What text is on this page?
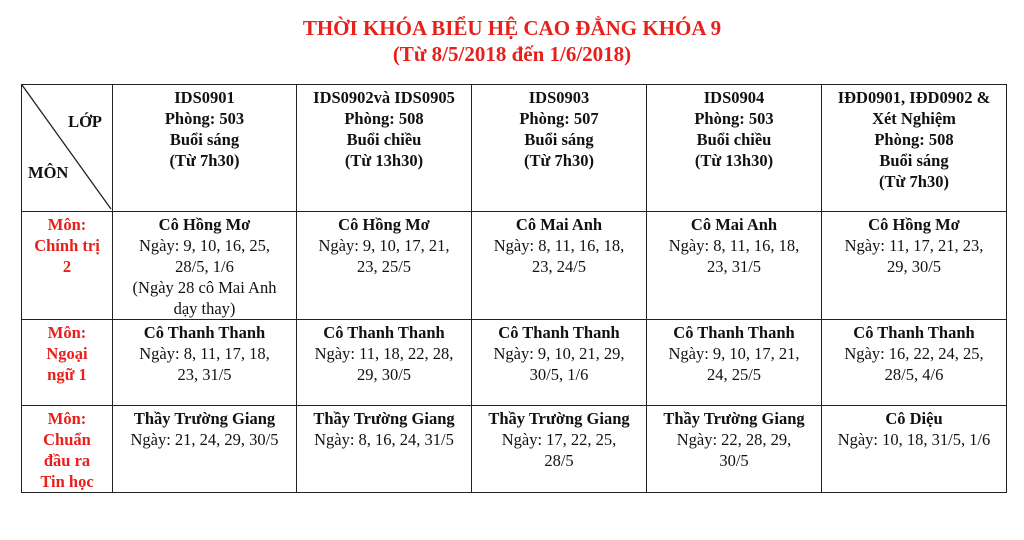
THỜI KHÓA BIỂU HỆ CAO ĐẲNG KHÓA 9
(Từ 8/5/2018 đến 1/6/2018)
LỚP
MÔN	IDS0901
Phòng: 503
Buổi sáng
(Từ 7h30)	IDS0902và IDS0905
Phòng: 508
Buổi chiều
(Từ 13h30)	IDS0903
Phòng: 507
Buổi sáng
(Từ 7h30)	IDS0904
Phòng: 503
Buổi chiều
(Từ 13h30)	IĐD0901, IĐD0902 &
Xét Nghiệm
Phòng: 508
Buổi sáng
(Từ 7h30)

Môn:
Chính trị
2	Cô Hồng Mơ
Ngày: 9, 10, 16, 25,
28/5, 1/6
(Ngày 28 cô Mai Anh
dạy thay)	Cô Hồng Mơ
Ngày: 9, 10, 17, 21,
23, 25/5	Cô Mai Anh
Ngày: 8, 11, 16, 18,
23, 24/5	Cô Mai Anh
Ngày: 8, 11, 16, 18,
23, 31/5	Cô Hồng Mơ
Ngày: 11, 17, 21, 23,
29, 30/5

Môn:
Ngoại
ngữ 1	Cô Thanh Thanh
Ngày: 8, 11, 17, 18,
23, 31/5	Cô Thanh Thanh
Ngày: 11, 18, 22, 28,
29, 30/5	Cô Thanh Thanh
Ngày: 9, 10, 21, 29,
30/5, 1/6	Cô Thanh Thanh
Ngày: 9, 10, 17, 21,
24, 25/5	Cô Thanh Thanh
Ngày: 16, 22, 24, 25,
28/5, 4/6

Môn:
Chuẩn
đầu ra
Tin học	Thầy Trường Giang
Ngày: 21, 24, 29, 30/5	Thầy Trường Giang
Ngày: 8, 16, 24, 31/5	Thầy Trường Giang
Ngày: 17, 22, 25,
28/5	Thầy Trường Giang
Ngày: 22, 28, 29,
30/5	Cô Diệu
Ngày: 10, 18, 31/5, 1/6
